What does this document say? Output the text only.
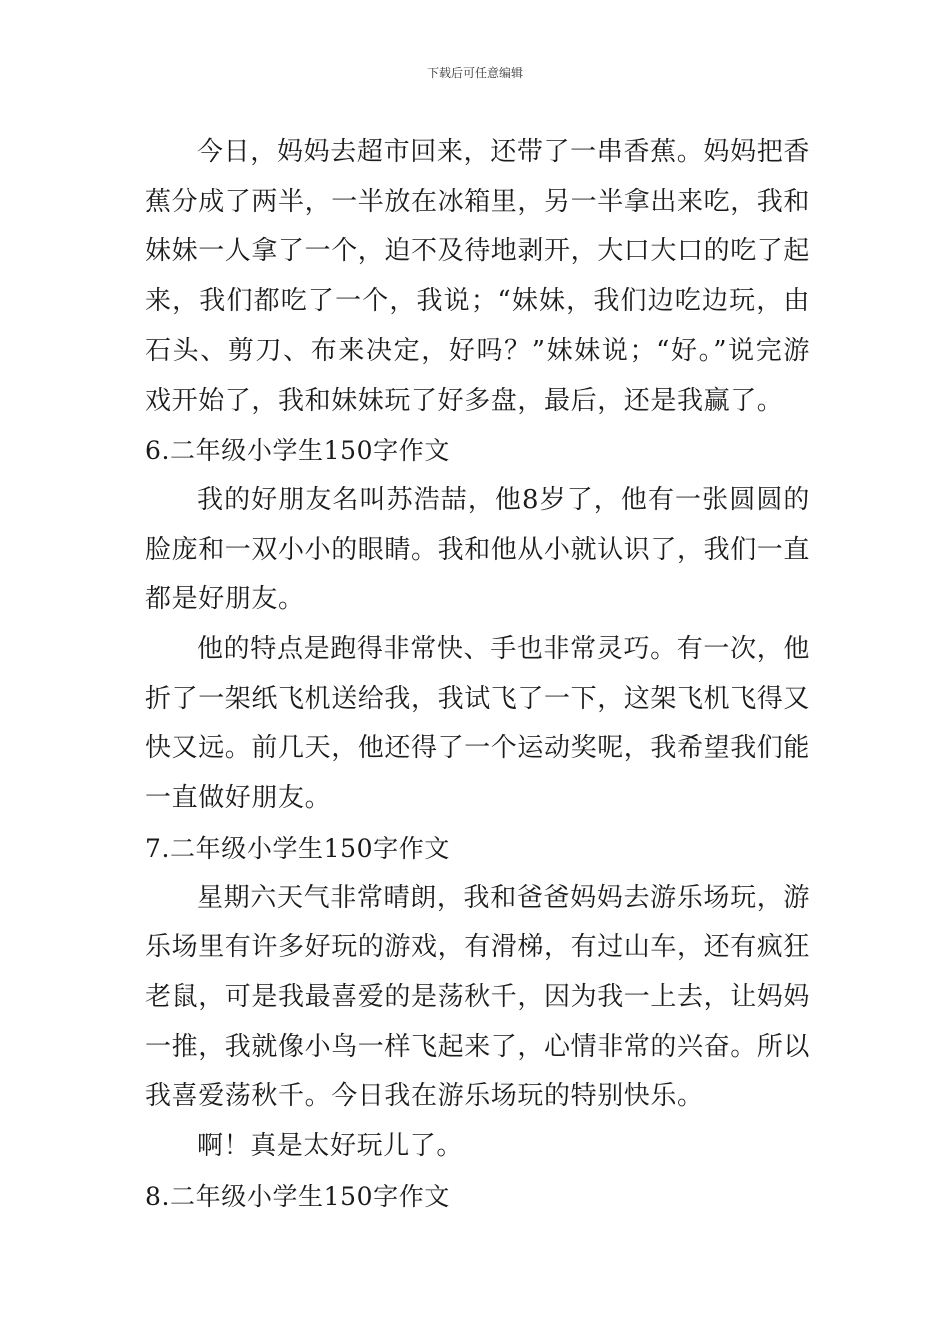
下载后可任意编辑

今日，妈妈去超市回来，还带了一串香蕉。妈妈把香蕉分成了两半，一半放在冰箱里，另一半拿出来吃，我和妹妹一人拿了一个，迫不及待地剥开，大口大口的吃了起来，我们都吃了一个，我说；“妹妹，我们边吃边玩，由石头、剪刀、布来决定，好吗？”妹妹说；“好。”说完游戏开始了，我和妹妹玩了好多盘，最后，还是我赢了。

6.二年级小学生150字作文

我的好朋友名叫苏浩喆，他8岁了，他有一张圆圆的脸庞和一双小小的眼睛。我和他从小就认识了，我们一直都是好朋友。

他的特点是跑得非常快、手也非常灵巧。有一次，他折了一架纸飞机送给我，我试飞了一下，这架飞机飞得又快又远。前几天，他还得了一个运动奖呢，我希望我们能一直做好朋友。

7.二年级小学生150字作文

星期六天气非常晴朗，我和爸爸妈妈去游乐场玩，游乐场里有许多好玩的游戏，有滑梯，有过山车，还有疯狂老鼠，可是我最喜爱的是荡秋千，因为我一上去，让妈妈一推，我就像小鸟一样飞起来了，心情非常的兴奋。所以我喜爱荡秋千。今日我在游乐场玩的特别快乐。

啊！真是太好玩儿了。

8.二年级小学生150字作文
